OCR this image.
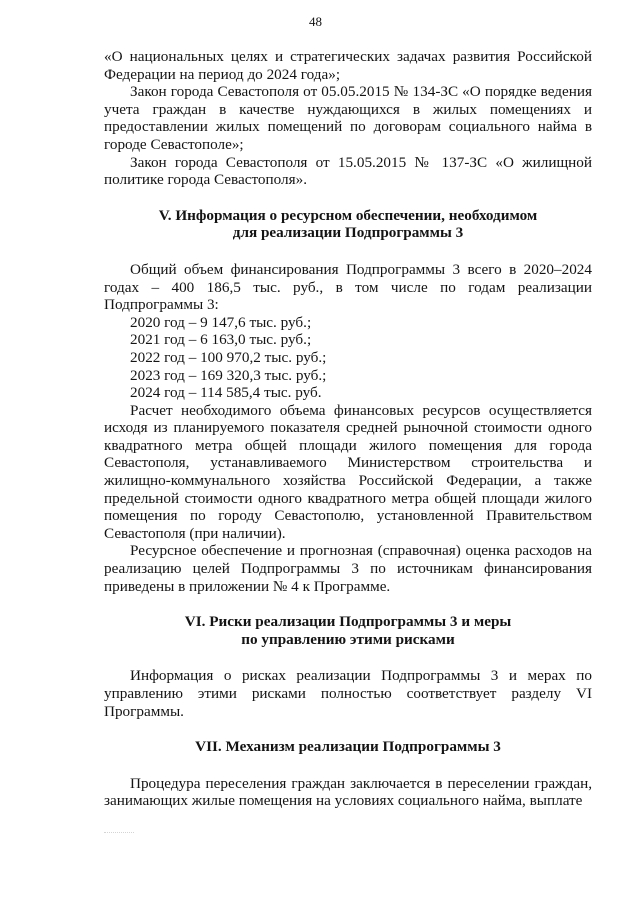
48

«О национальных целях и стратегических задачах развития Российской Федерации на период до 2024 года»;

Закон города Севастополя от 05.05.2015 № 134-ЗС «О порядке ведения учета граждан в качестве нуждающихся в жилых помещениях и предоставлении жилых помещений по договорам социального найма в городе Севастополе»;

Закон города Севастополя от 15.05.2015 № 137-ЗС «О жилищной политике города Севастополя».

V. Информация о ресурсном обеспечении, необходимом
для реализации Подпрограммы 3

Общий объем финансирования Подпрограммы 3 всего в 2020–2024 годах – 400 186,5 тыс. руб., в том числе по годам реализации Подпрограммы 3:

2020 год – 9 147,6 тыс. руб.;
2021 год – 6 163,0 тыс. руб.;
2022 год – 100 970,2 тыс. руб.;
2023 год – 169 320,3 тыс. руб.;
2024 год – 114 585,4 тыс. руб.

Расчет необходимого объема финансовых ресурсов осуществляется исходя из планируемого показателя средней рыночной стоимости одного квадратного метра общей площади жилого помещения для города Севастополя, устанавливаемого Министерством строительства и жилищно-коммунального хозяйства Российской Федерации, а также предельной стоимости одного квадратного метра общей площади жилого помещения по городу Севастополю, установленной Правительством Севастополя (при наличии).

Ресурсное обеспечение и прогнозная (справочная) оценка расходов на реализацию целей Подпрограммы 3 по источникам финансирования приведены в приложении № 4 к Программе.

VI. Риски реализации Подпрограммы 3 и меры
по управлению этими рисками

Информация о рисках реализации Подпрограммы 3 и мерах по управлению этими рисками полностью соответствует разделу VI Программы.

VII. Механизм реализации Подпрограммы 3

Процедура переселения граждан заключается в переселении граждан, занимающих жилые помещения на условиях социального найма, выплате
